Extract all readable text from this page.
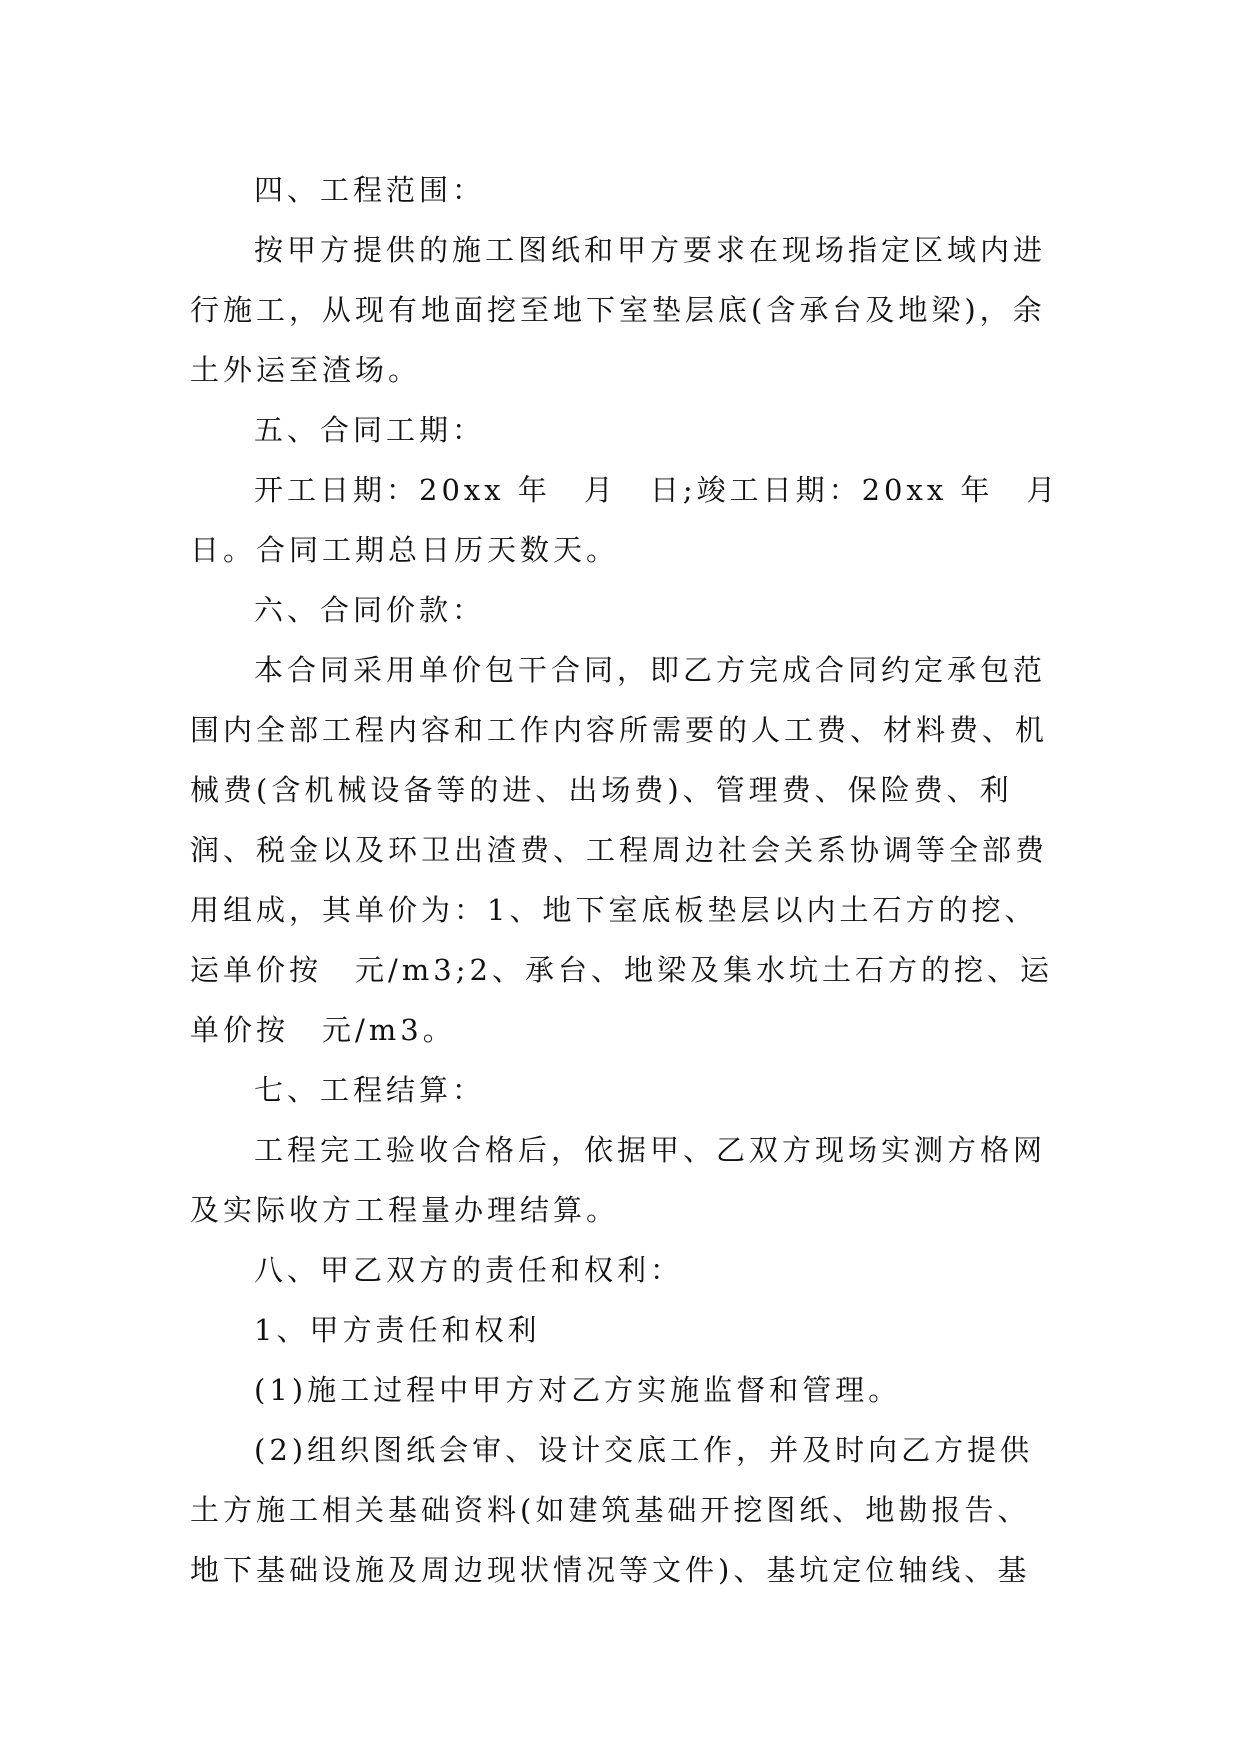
四、工程范围：

按甲方提供的施工图纸和甲方要求在现场指定区域内进行施工，从现有地面挖至地下室垫层底(含承台及地梁)，余土外运至渣场。

五、合同工期：

开工日期：20xx 年　月　日;竣工日期：20xx 年　月　日。合同工期总日历天数天。

六、合同价款：

本合同采用单价包干合同，即乙方完成合同约定承包范围内全部工程内容和工作内容所需要的人工费、材料费、机械费(含机械设备等的进、出场费)、管理费、保险费、利润、税金以及环卫出渣费、工程周边社会关系协调等全部费用组成，其单价为：1、地下室底板垫层以内土石方的挖、运单价按　元/m3;2、承台、地梁及集水坑土石方的挖、运单价按　元/m3。

七、工程结算：

工程完工验收合格后，依据甲、乙双方现场实测方格网及实际收方工程量办理结算。

八、甲乙双方的责任和权利：

1、甲方责任和权利

(1)施工过程中甲方对乙方实施监督和管理。

(2)组织图纸会审、设计交底工作，并及时向乙方提供土方施工相关基础资料(如建筑基础开挖图纸、地勘报告、地下基础设施及周边现状情况等文件)、基坑定位轴线、基
